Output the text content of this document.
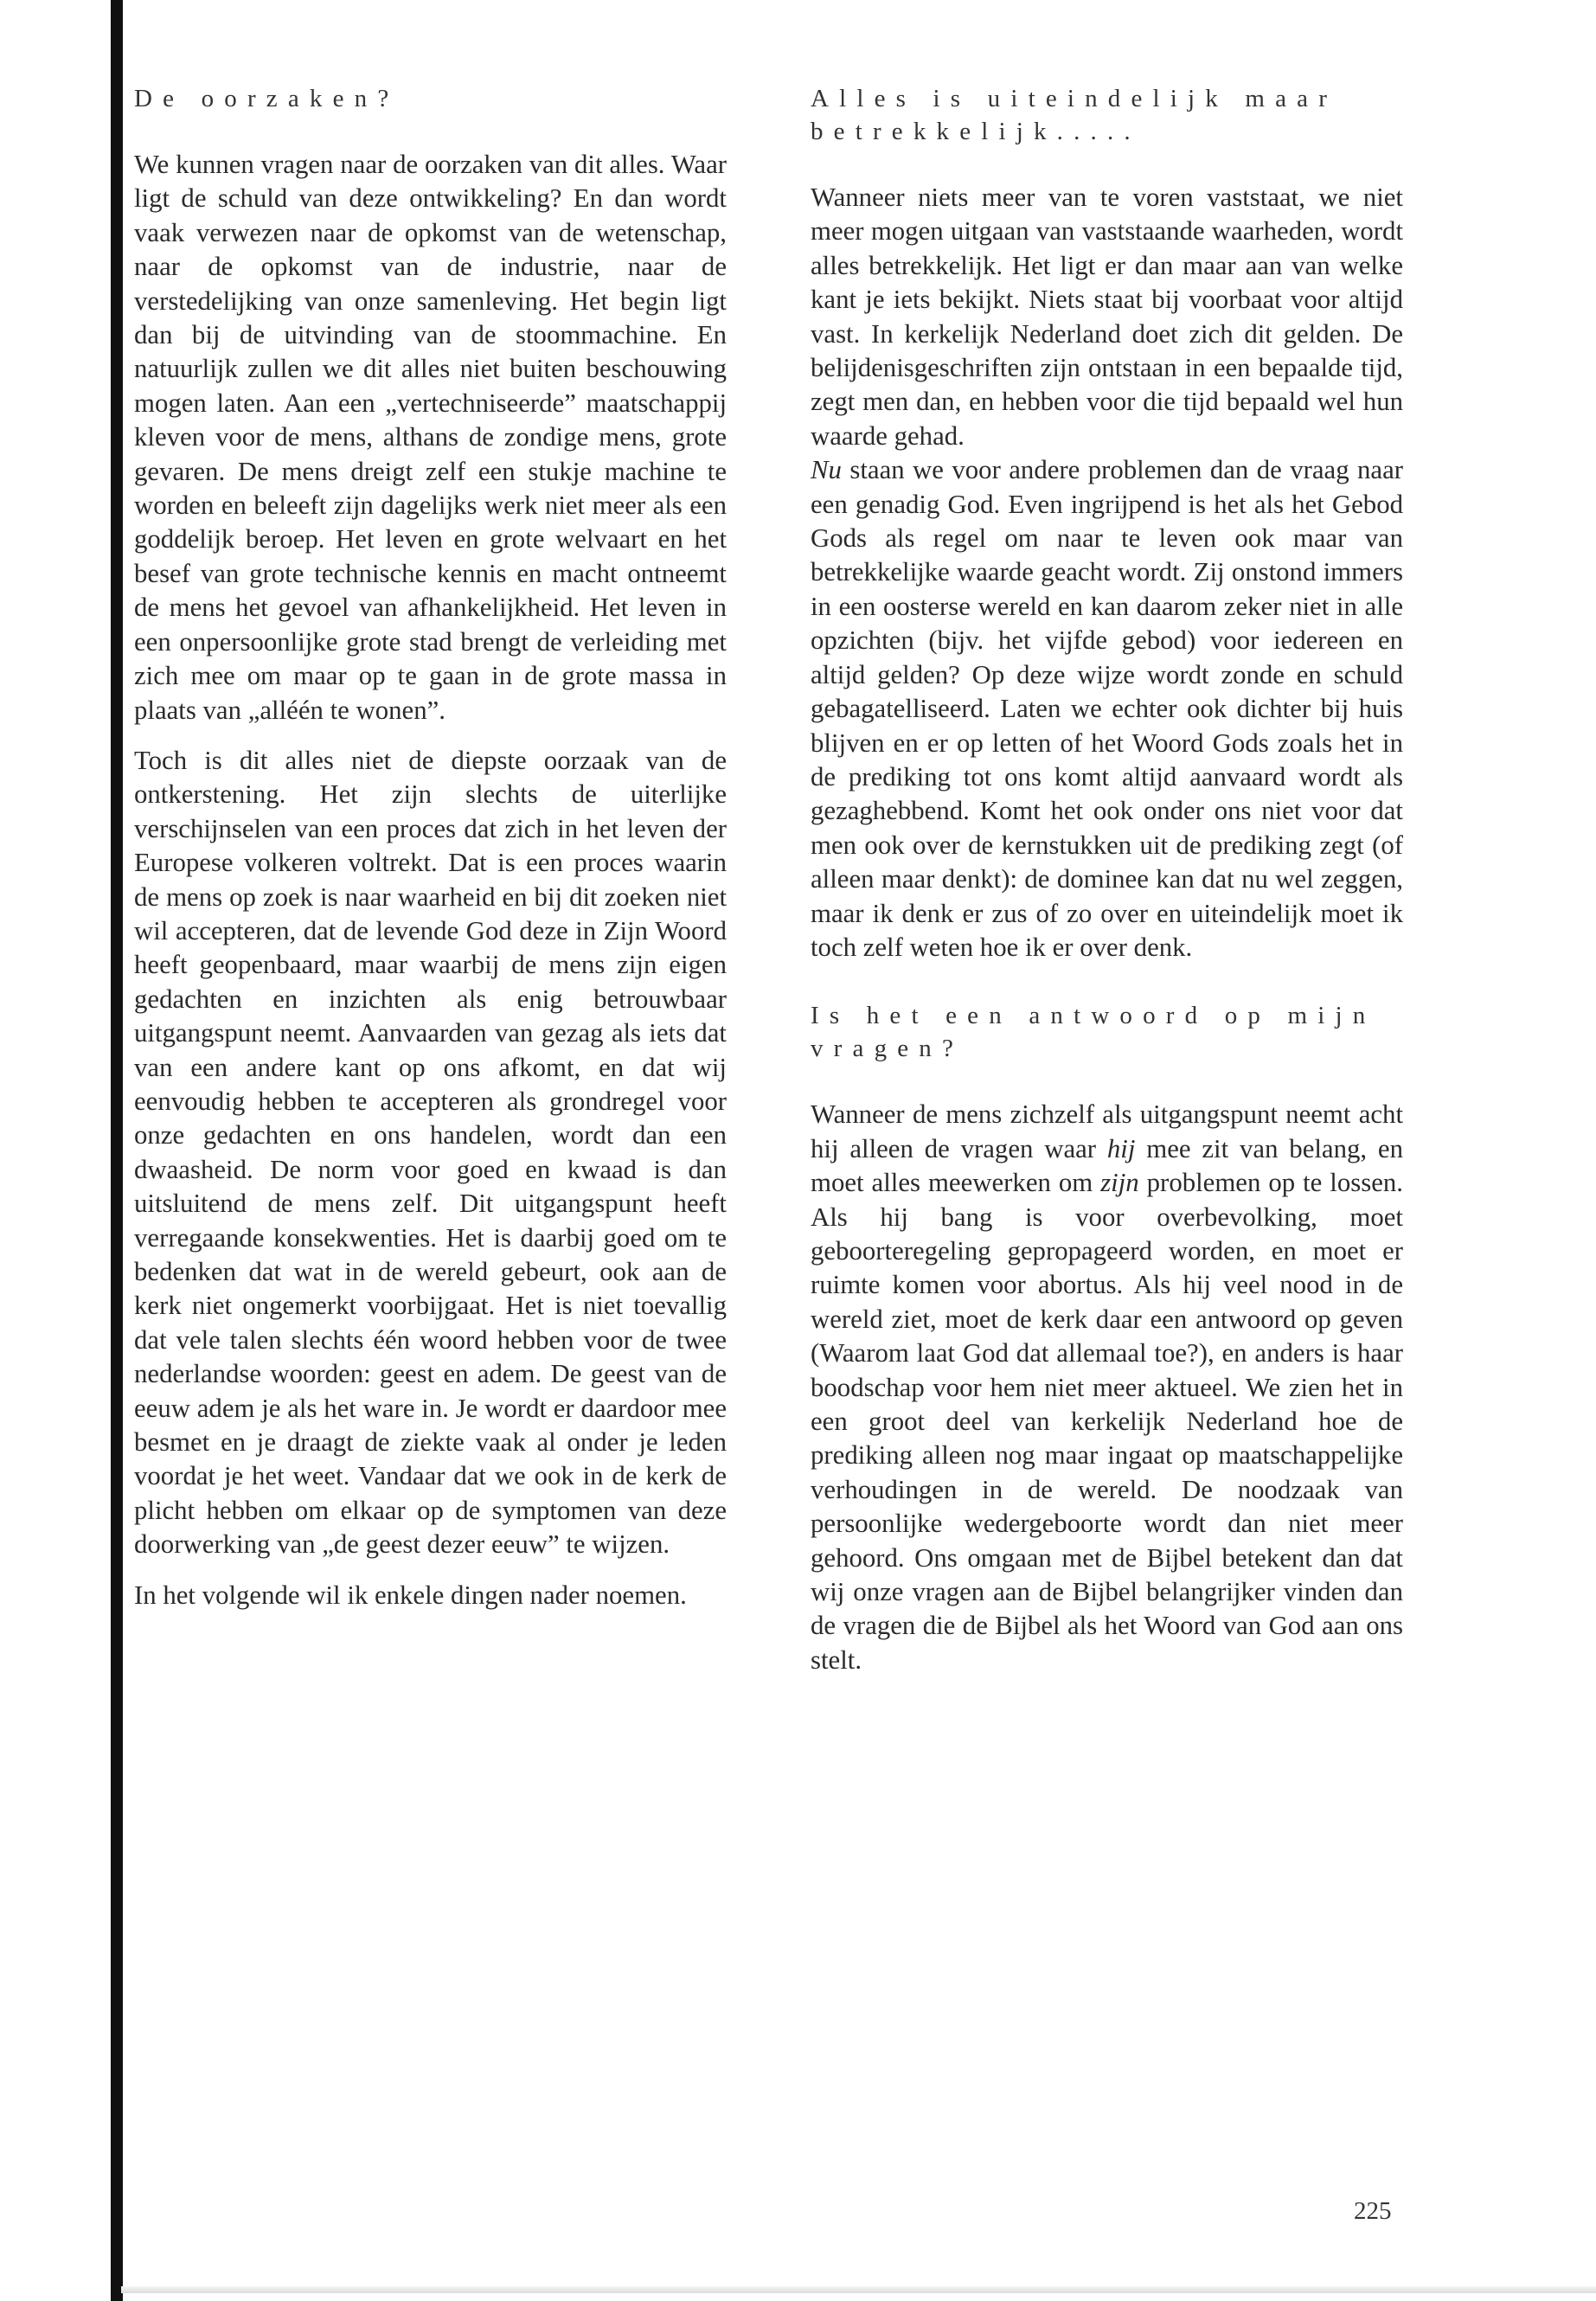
De oorzaken?

We kunnen vragen naar de oorzaken van dit alles. Waar ligt de schuld van deze ontwikkeling? En dan wordt vaak verwezen naar de opkomst van de wetenschap, naar de opkomst van de industrie, naar de verstedelijking van onze samenleving. Het begin ligt dan bij de uitvinding van de stoommachine. En natuurlijk zullen we dit alles niet buiten beschouwing mogen laten. Aan een „vertechniseerde” maatschappij kleven voor de mens, althans de zondige mens, grote gevaren. De mens dreigt zelf een stukje machine te worden en beleeft zijn dagelijks werk niet meer als een goddelijk beroep. Het leven en grote welvaart en het besef van grote technische kennis en macht ontneemt de mens het gevoel van afhankelijkheid. Het leven in een onpersoonlijke grote stad brengt de verleiding met zich mee om maar op te gaan in de grote massa in plaats van „alléén te wonen”.

Toch is dit alles niet de diepste oorzaak van de ontkerstening. Het zijn slechts de uiterlijke verschijnselen van een proces dat zich in het leven der Europese volkeren voltrekt. Dat is een proces waarin de mens op zoek is naar waarheid en bij dit zoeken niet wil accepteren, dat de levende God deze in Zijn Woord heeft geopenbaard, maar waarbij de mens zijn eigen gedachten en inzichten als enig betrouwbaar uitgangspunt neemt. Aanvaarden van gezag als iets dat van een andere kant op ons afkomt, en dat wij eenvoudig hebben te accepteren als grondregel voor onze gedachten en ons handelen, wordt dan een dwaasheid. De norm voor goed en kwaad is dan uitsluitend de mens zelf. Dit uitgangspunt heeft verregaande konsekwenties. Het is daarbij goed om te bedenken dat wat in de wereld gebeurt, ook aan de kerk niet ongemerkt voorbijgaat. Het is niet toevallig dat vele talen slechts één woord hebben voor de twee nederlandse woorden: geest en adem. De geest van de eeuw adem je als het ware in. Je wordt er daardoor mee besmet en je draagt de ziekte vaak al onder je leden voordat je het weet. Vandaar dat we ook in de kerk de plicht hebben om elkaar op de symptomen van deze doorwerking van „de geest dezer eeuw” te wijzen.

In het volgende wil ik enkele dingen nader noemen.

Alles is uiteindelijk maar betrekkelijk.....

Wanneer niets meer van te voren vaststaat, we niet meer mogen uitgaan van vaststaande waarheden, wordt alles betrekkelijk. Het ligt er dan maar aan van welke kant je iets bekijkt. Niets staat bij voorbaat voor altijd vast. In kerkelijk Nederland doet zich dit gelden. De belijdenisgeschriften zijn ontstaan in een bepaalde tijd, zegt men dan, en hebben voor die tijd bepaald wel hun waarde gehad.

Nu staan we voor andere problemen dan de vraag naar een genadig God. Even ingrijpend is het als het Gebod Gods als regel om naar te leven ook maar van betrekkelijke waarde geacht wordt. Zij onstond immers in een oosterse wereld en kan daarom zeker niet in alle opzichten (bijv. het vijfde gebod) voor iedereen en altijd gelden? Op deze wijze wordt zonde en schuld gebagatelliseerd. Laten we echter ook dichter bij huis blijven en er op letten of het Woord Gods zoals het in de prediking tot ons komt altijd aanvaard wordt als gezaghebbend. Komt het ook onder ons niet voor dat men ook over de kernstukken uit de prediking zegt (of alleen maar denkt): de dominee kan dat nu wel zeggen, maar ik denk er zus of zo over en uiteindelijk moet ik toch zelf weten hoe ik er over denk.

Is het een antwoord op mijn vragen?

Wanneer de mens zichzelf als uitgangspunt neemt acht hij alleen de vragen waar hij mee zit van belang, en moet alles meewerken om zijn problemen op te lossen. Als hij bang is voor overbevolking, moet geboorteregeling gepropageerd worden, en moet er ruimte komen voor abortus. Als hij veel nood in de wereld ziet, moet de kerk daar een antwoord op geven (Waarom laat God dat allemaal toe?), en anders is haar boodschap voor hem niet meer aktueel. We zien het in een groot deel van kerkelijk Nederland hoe de prediking alleen nog maar ingaat op maatschappelijke verhoudingen in de wereld. De noodzaak van persoonlijke wedergeboorte wordt dan niet meer gehoord. Ons omgaan met de Bijbel betekent dan dat wij onze vragen aan de Bijbel belangrijker vinden dan de vragen die de Bijbel als het Woord van God aan ons stelt.

225
